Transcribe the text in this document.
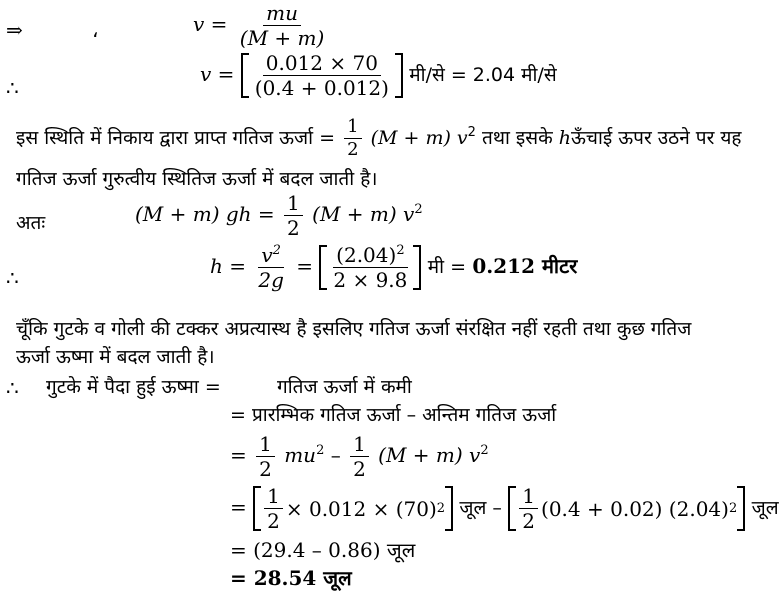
⇒	،	$v = \frac{mu}{(M + m)}$
∴
$v = \frac{0.012 \times 70}{(0.4 + 0.012)}$ मी/से = 2.04 मी/से
इस स्थिति में निकाय द्वारा प्राप्त गतिज ऊर्जा = $\frac{1}{2} (M + m)$ $v^2$ तथा इसके hऊँचाई ऊपर उठने पर यह
गतिज ऊर्जा गुरुत्वीय स्थितिज ऊर्जा में बदल जाती है।
अतः	(M + m) gh = $\frac{1}{2} (M + m)$ $v^2$
∴	$h = \frac{v^2}{2g} = \frac{(2.04)^2}{2 \times 9.8}$ मी = 0.212 मीटर
चूँकि गुटके व गोली की टक्कर अप्रत्यास्थ है इसलिए गतिज ऊर्जा संरक्षित नहीं रहती तथा कुछ गतिज
ऊर्जा ऊष्मा में बदल जाती है।
∴ गुटके में पैदा हुई ऊष्मा =	गतिज ऊर्जा में कमी
= प्रारम्भिक गतिज ऊर्जा – अन्तिम गतिज ऊर्जा
= $\frac{1}{2} mu^2 - \frac{1}{2} (M + m)$ $v^2$
= $\frac{1}{2} \times 0.012 \times (70)$ 2 जूल – $\frac{1}{2} (0.4 + 0.02)$ (2.04) 2 जूल
= (29.4 – 0.86) जूल
= 28.54 जूल
